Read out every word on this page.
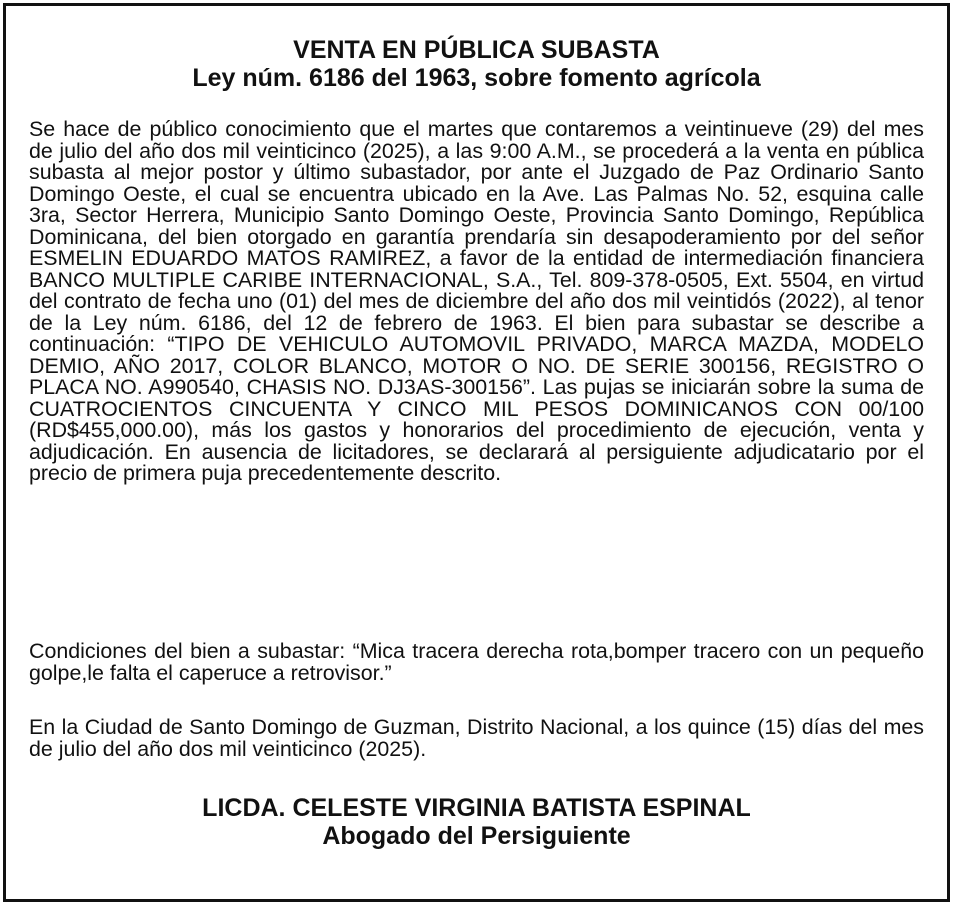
VENTA EN PÚBLICA SUBASTA
Ley núm. 6186 del 1963, sobre fomento agrícola
Se hace de público conocimiento que el martes que contaremos a veintinueve (29) del mes de julio del año dos mil veinticinco (2025), a las 9:00 A.M., se procederá a la venta en pública subasta al mejor postor y último subastador, por ante el Juzgado de Paz Ordinario Santo Domingo Oeste, el cual se encuentra ubicado en la Ave. Las Palmas No. 52, esquina calle 3ra, Sector Herrera, Municipio Santo Domingo Oeste, Provincia Santo Domingo, República Dominicana, del bien otorgado en garantía prendaría sin desapoderamiento por del señor ESMELIN EDUARDO MATOS RAMIREZ, a favor de la entidad de intermediación financiera BANCO MULTIPLE CARIBE INTERNACIONAL, S.A., Tel. 809-378-0505, Ext. 5504, en virtud del contrato de fecha uno (01) del mes de diciembre del año dos mil veintidós (2022), al tenor de la Ley núm. 6186, del 12 de febrero de 1963. El bien para subastar se describe a continuación: “TIPO DE VEHICULO AUTOMOVIL PRIVADO, MARCA MAZDA, MODELO DEMIO, AÑO 2017, COLOR BLANCO, MOTOR O NO. DE SERIE 300156, REGISTRO O PLACA NO. A990540, CHASIS NO. DJ3AS-300156”. Las pujas se iniciarán sobre la suma de CUATROCIENTOS CINCUENTA Y CINCO MIL PESOS DOMINICANOS CON 00/100 (RD$455,000.00), más los gastos y honorarios del procedimiento de ejecución, venta y adjudicación. En ausencia de licitadores, se declarará al persiguiente adjudicatario por el precio de primera puja precedentemente descrito.
Condiciones del bien a subastar: “Mica tracera derecha rota,bomper tracero con un pequeño golpe,le falta el caperuce a retrovisor.”
En la Ciudad de Santo Domingo de Guzman, Distrito Nacional, a los quince (15) días del mes de julio del año dos mil veinticinco (2025).
LICDA. CELESTE VIRGINIA BATISTA ESPINAL
Abogado del Persiguiente
